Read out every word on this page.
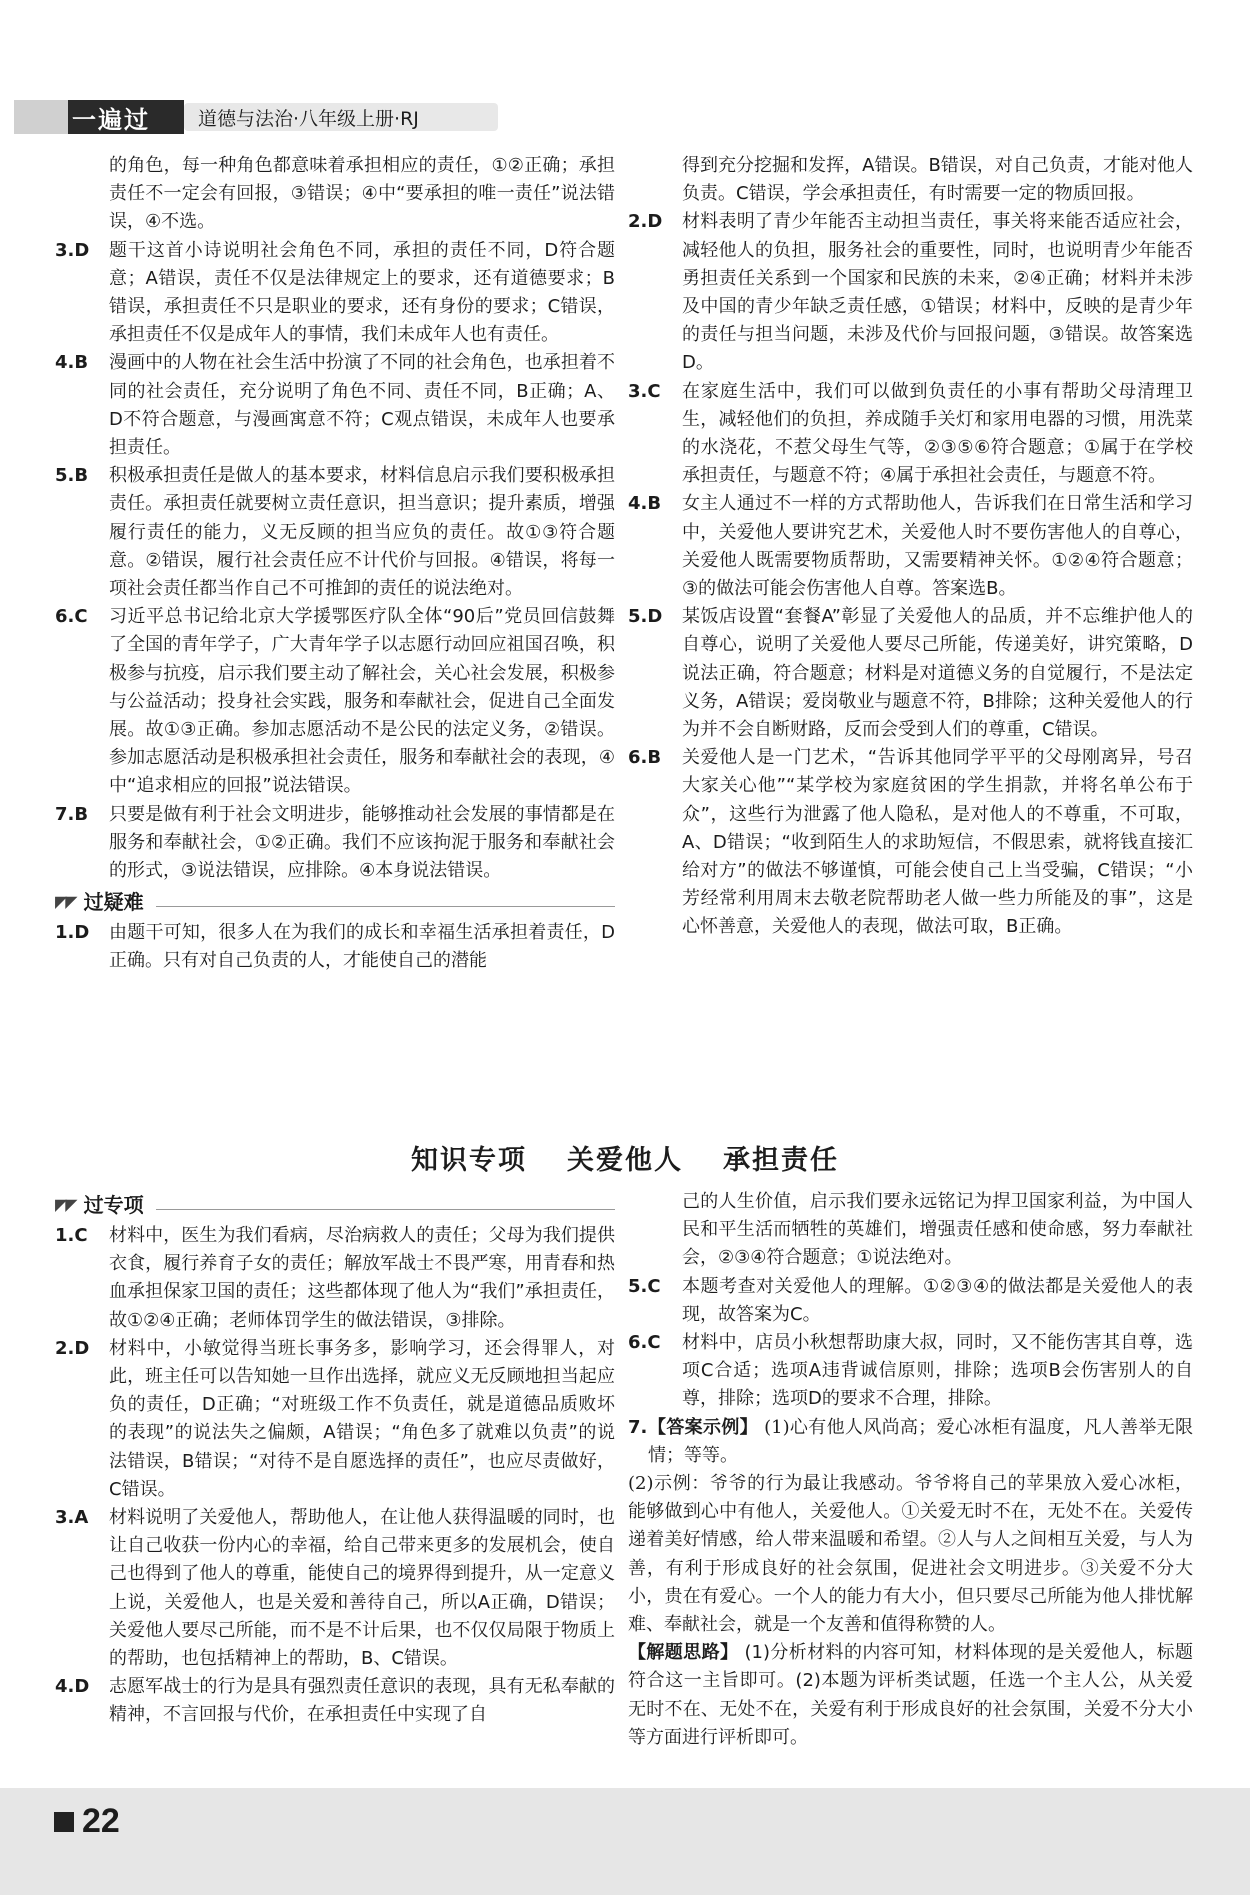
一遍过	道德与法治·八年级上册·RJ
的角色，每一种角色都意味着承担相应的责任，①②正确；承担责任不一定会有回报，③错误；④中“要承担的唯一责任”说法错误，④不选。
3.D	题干这首小诗说明社会角色不同，承担的责任不同，D符合题意；A错误，责任不仅是法律规定上的要求，还有道德要求；B错误，承担责任不只是职业的要求，还有身份的要求；C错误，承担责任不仅是成年人的事情，我们未成年人也有责任。
4.B	漫画中的人物在社会生活中扮演了不同的社会角色，也承担着不同的社会责任，充分说明了角色不同、责任不同，B正确；A、D不符合题意，与漫画寓意不符；C观点错误，未成年人也要承担责任。
5.B	积极承担责任是做人的基本要求，材料信息启示我们要积极承担责任。承担责任就要树立责任意识，担当意识；提升素质，增强履行责任的能力，义无反顾的担当应负的责任。故①③符合题意。②错误，履行社会责任应不计代价与回报。④错误，将每一项社会责任都当作自己不可推卸的责任的说法绝对。
6.C	习近平总书记给北京大学援鄂医疗队全体“90后”党员回信鼓舞了全国的青年学子，广大青年学子以志愿行动回应祖国召唤，积极参与抗疫，启示我们要主动了解社会，关心社会发展，积极参与公益活动；投身社会实践，服务和奉献社会，促进自己全面发展。故①③正确。参加志愿活动不是公民的法定义务，②错误。参加志愿活动是积极承担社会责任，服务和奉献社会的表现，④中“追求相应的回报”说法错误。
7.B	只要是做有利于社会文明进步，能够推动社会发展的事情都是在服务和奉献社会，①②正确。我们不应该拘泥于服务和奉献社会的形式，③说法错误，应排除。④本身说法错误。
◤◤ 过疑难
1.D	由题干可知，很多人在为我们的成长和幸福生活承担着责任，D正确。只有对自己负责的人，才能使自己的潜能
得到充分挖掘和发挥，A错误。B错误，对自己负责，才能对他人负责。C错误，学会承担责任，有时需要一定的物质回报。
2.D	材料表明了青少年能否主动担当责任，事关将来能否适应社会，减轻他人的负担，服务社会的重要性，同时，也说明青少年能否勇担责任关系到一个国家和民族的未来，②④正确；材料并未涉及中国的青少年缺乏责任感，①错误；材料中，反映的是青少年的责任与担当问题，未涉及代价与回报问题，③错误。故答案选D。
3.C	在家庭生活中，我们可以做到负责任的小事有帮助父母清理卫生，减轻他们的负担，养成随手关灯和家用电器的习惯，用洗菜的水浇花，不惹父母生气等，②③⑤⑥符合题意；①属于在学校承担责任，与题意不符；④属于承担社会责任，与题意不符。
4.B	女主人通过不一样的方式帮助他人，告诉我们在日常生活和学习中，关爱他人要讲究艺术，关爱他人时不要伤害他人的自尊心，关爱他人既需要物质帮助，又需要精神关怀。①②④符合题意；③的做法可能会伤害他人自尊。答案选B。
5.D	某饭店设置“套餐A”彰显了关爱他人的品质，并不忘维护他人的自尊心，说明了关爱他人要尽己所能，传递美好，讲究策略，D说法正确，符合题意；材料是对道德义务的自觉履行，不是法定义务，A错误；爱岗敬业与题意不符，B排除；这种关爱他人的行为并不会自断财路，反而会受到人们的尊重，C错误。
6.B	关爱他人是一门艺术，“告诉其他同学平平的父母刚离异，号召大家关心他”“某学校为家庭贫困的学生捐款，并将名单公布于众”，这些行为泄露了他人隐私，是对他人的不尊重，不可取，A、D错误；“收到陌生人的求助短信，不假思索，就将钱直接汇给对方”的做法不够谨慎，可能会使自己上当受骗，C错误；“小芳经常利用周末去敬老院帮助老人做一些力所能及的事”，这是心怀善意，关爱他人的表现，做法可取，B正确。
知识专项 关爱他人 承担责任
◤◤ 过专项
1.C	材料中，医生为我们看病，尽治病救人的责任；父母为我们提供衣食，履行养育子女的责任；解放军战士不畏严寒，用青春和热血承担保家卫国的责任；这些都体现了他人为“我们”承担责任，故①②④正确；老师体罚学生的做法错误，③排除。
2.D	材料中，小敏觉得当班长事务多，影响学习，还会得罪人，对此，班主任可以告知她一旦作出选择，就应义无反顾地担当起应负的责任，D正确；“对班级工作不负责任，就是道德品质败坏的表现”的说法失之偏颇，A错误；“角色多了就难以负责”的说法错误，B错误；“对待不是自愿选择的责任”，也应尽责做好，C错误。
3.A	材料说明了关爱他人，帮助他人，在让他人获得温暖的同时，也让自己收获一份内心的幸福，给自己带来更多的发展机会，使自己也得到了他人的尊重，能使自己的境界得到提升，从一定意义上说，关爱他人，也是关爱和善待自己，所以A正确，D错误；关爱他人要尽己所能，而不是不计后果，也不仅仅局限于物质上的帮助，也包括精神上的帮助，B、C错误。
4.D	志愿军战士的行为是具有强烈责任意识的表现，具有无私奉献的精神，不言回报与代价，在承担责任中实现了自
己的人生价值，启示我们要永远铭记为捍卫国家利益，为中国人民和平生活而牺牲的英雄们，增强责任感和使命感，努力奉献社会，②③④符合题意；①说法绝对。
5.C	本题考查对关爱他人的理解。①②③④的做法都是关爱他人的表现，故答案为C。
6.C	材料中，店员小秋想帮助康大叔，同时，又不能伤害其自尊，选项C合适；选项A违背诚信原则，排除；选项B会伤害别人的自尊，排除；选项D的要求不合理，排除。
7. 【答案示例】 (1)心有他人风尚高；爱心冰柜有温度，凡人善举无限情；等等。
(2)示例：爷爷的行为最让我感动。爷爷将自己的苹果放入爱心冰柜，能够做到心中有他人，关爱他人。①关爱无时不在，无处不在。关爱传递着美好情感，给人带来温暖和希望。②人与人之间相互关爱，与人为善，有利于形成良好的社会氛围，促进社会文明进步。③关爱不分大小，贵在有爱心。一个人的能力有大小，但只要尽己所能为他人排忧解难、奉献社会，就是一个友善和值得称赞的人。
【解题思路】 (1)分析材料的内容可知，材料体现的是关爱他人，标题符合这一主旨即可。(2)本题为评析类试题，任选一个主人公，从关爱无时不在、无处不在，关爱有利于形成良好的社会氛围，关爱不分大小等方面进行评析即可。
22
